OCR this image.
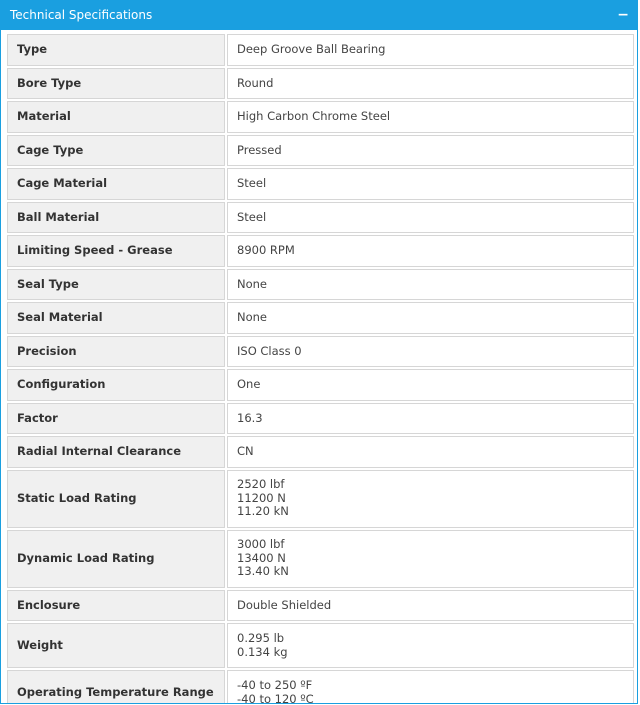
Technical Specifications	−
Type	Deep Groove Ball Bearing

Bore Type	Round

Material	High Carbon Chrome Steel

Cage Type	Pressed

Cage Material	Steel

Ball Material	Steel

Limiting Speed - Grease	8900 RPM

Seal Type	None

Seal Material	None

Precision	ISO Class 0

Configuration	One

Factor	16.3

Radial Internal Clearance	CN

Static Load Rating	2520 lbf
11200 N
11.20 kN

Dynamic Load Rating	3000 lbf
13400 N
13.40 kN

Enclosure	Double Shielded

Weight	0.295 lb
0.134 kg

Operating Temperature Range	-40 to 250 ºF
-40 to 120 ºC
